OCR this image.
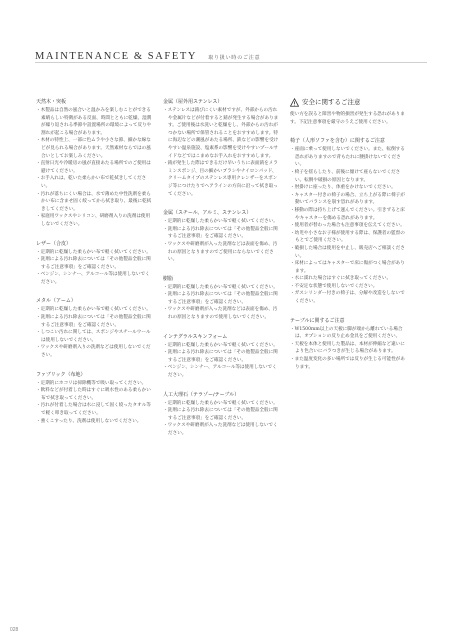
MAINTENANCE & SAFETY 取り扱い時のご注意
天然木・突板
・木製品は自然の風合いと温かみを楽しむことができる素晴らしい特徴がある反面、時間とともに乾燥、湿潤が繰り返される季節や設置場所の環境によって反りや割れが起こる場合があります。
・木材の特性上、一部に色ムラや小さな節、細かな線などが見られる場合があります。天然素材ならではの風合いとしてお楽しみください。
・直射日光や冷暖房の風が直接あたる場所でのご使用は避けてください。
・お手入れは、乾いた柔らかい布で乾拭きしてください。
・汚れが落ちにくい場合は、水で薄めた中性洗剤を柔らかい布に含ませ固く絞ってから拭き取り、最後に乾拭きしてください。
・家庭用ワックスやシリコン、研磨剤入りの洗剤は使用しないでください。
レザー（合皮）
・定期的に乾燥した柔らかい布で軽く拭いてください。
・洗剤による汚れ除去については「その他製品全般に関するご注意事項」をご確認ください。
・ベンジン、シンナー、アルコール等は使用しないでください。
メタル（アーム）
・定期的に乾燥した柔らかい布で軽く拭いてください。
・洗剤による汚れ除去については「その他製品全般に関するご注意事項」をご確認ください。
・しつこい汚れに関しては、スポンジやスチールウールは使用しないでください。
・ワックスや研磨剤入りの洗剤などは使用しないでください。
ファブリック（布地）
・定期的にホコリは掃除機等で吸い取ってください。
・飲料などが付着した時はすぐに吸水性のある柔らかい布で拭き取ってください。
・汚れが付着した場合は水に浸して固く絞ったタオル等で軽く叩き取ってください。
・強くこすったり、洗剤は使用しないでください。
金属（屋外用ステンレス）
・ステンレスは錆びにくい素材ですが、外部からの汚れや金属片などが付着すると錆が発生する場合があります。ご使用後は水洗いと乾燥をし、外部からの汚れがつかない場所で保管されることをおすすめします。特に海辺などの潮風があたる場所、鉄などの影響を受けやすい温泉施設、塩素系の影響を受けやすいプールサイドなどではこまめなお手入れをおすすめします。
・錆が発生した際はできるだけ早いうちに表面錆をメラミンスポンジ、目の細かいブラシやナイロンパッド、クリームタイプのステンレス専用クレンザーをスポンジ等につけたりでヘアラインの方向に沿って拭き取ってください。
金属（スチール、アルミ、ステンレス）
・定期的に乾燥した柔らかい布で軽く拭いてください。
・洗剤による汚れ除去については「その他製品全般に関するご注意事項」をご確認ください。
・ワックスや研磨剤が入った洗剤などは表面を傷め、汚れの原因となりますのでご使用にならないでください。
樹脂
・定期的に乾燥した柔らかい布で軽く拭いてください。
・洗剤による汚れ除去については「その他製品全般に関するご注意事項」をご確認ください。
・ワックスや研磨剤が入った洗剤などは表面を傷め、汚れの原因となりますので使用しないでください。
インテグラルスキンフォーム
・定期的に乾燥した柔らかい布で軽く拭いてください。
・洗剤による汚れ除去については「その他製品全般に関するご注意事項」をご確認ください。
・ベンジン、シンナー、アルコール等は使用しないでください。
人工大理石（テラゾー/テーブル）
・定期的に乾燥した柔らかい布で軽く拭いてください。
・洗剤による汚れ除去については「その他製品全般に関するご注意事項」をご確認ください。
・ワックスや研磨剤が入った洗剤などは使用しないでください。
安全に関するご注意
使い方を誤ると障害や物的損害が発生する恐れがあります。下記注意事項を厳守のうえご使用ください。
椅子（人形ソファを含む）に関するご注意
・座面に乗って使用しないでください。また、転倒する恐れがありますので背もたれに腰掛けないでください。
・椅子を揺らしたり、前後に傾けて座らないでください。転倒や破損の原因となります。
・肘掛けに座ったり、体重をかけないでください。
・キャスター付きの椅子の場合、立ち上がる際に椅子が動いてバランスを崩す恐れがあります。
・移動の際は持ち上げて運んでください。引きずると床やキャスターを傷める恐れがあります。
・使用者が替わった場合も注意事項を伝えてください。
・幼児や小さなお子様が使用する際は、保護者の監督のもとでご使用ください。
・破損した場合は使用を中止し、販売店へご相談ください。
・床材によってはキャスターで床に傷がつく場合があります。
・水に濡れた場合はすぐに拭き取ってください。
・不安定な状態で使用しないでください。
・ガスシリンダー付きの椅子は、分解や改造をしないでください。
テーブルに関するご注意
・W1500mm以上の天板に脚が端から離れている場合は、オプションの反り止め金具をご使用ください。
・天板を本体と使用した製品は、本材が伸縮など違いにより色合いにバラつきが生じる場合があります。
・また温度変化の多い場所では反りが生じる可能性があります。
028
